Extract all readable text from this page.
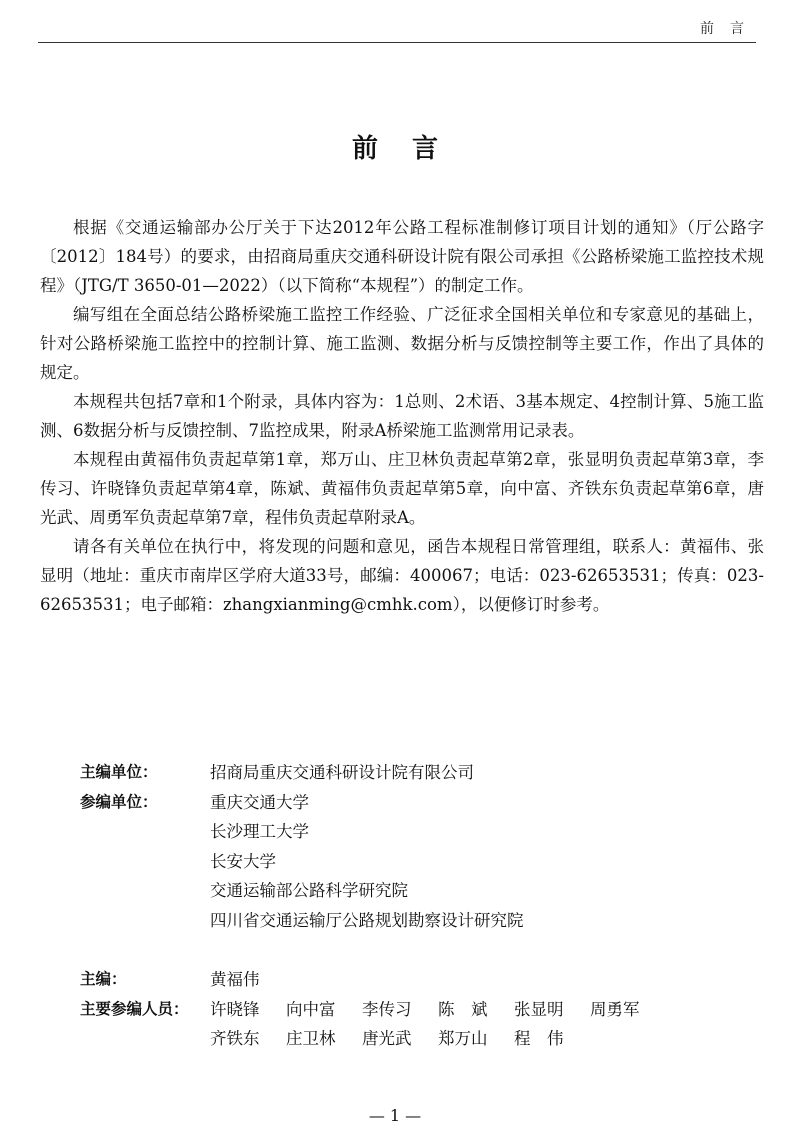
前言
前言

根据《交通运输部办公厅关于下达2012年公路工程标准制修订项目计划的通知》（厅公路字〔2012〕184号）的要求，由招商局重庆交通科研设计院有限公司承担《公路桥梁施工监控技术规程》（JTG/T 3650-01—2022）（以下简称“本规程”）的制定工作。

编写组在全面总结公路桥梁施工监控工作经验、广泛征求全国相关单位和专家意见的基础上，针对公路桥梁施工监控中的控制计算、施工监测、数据分析与反馈控制等主要工作，作出了具体的规定。

本规程共包括7章和1个附录，具体内容为：1总则、2术语、3基本规定、4控制计算、5施工监测、6数据分析与反馈控制、7监控成果，附录A桥梁施工监测常用记录表。

本规程由黄福伟负责起草第1章，郑万山、庄卫林负责起草第2章，张显明负责起草第3章，李传习、许晓锋负责起草第4章，陈斌、黄福伟负责起草第5章，向中富、齐铁东负责起草第6章，唐光武、周勇军负责起草第7章，程伟负责起草附录A。

请各有关单位在执行中，将发现的问题和意见，函告本规程日常管理组，联系人：黄福伟、张显明（地址：重庆市南岸区学府大道33号，邮编：400067；电话：023-62653531；传真：023-62653531；电子邮箱：zhangxianming@cmhk.com），以便修订时参考。

主编单位：	招商局重庆交通科研设计院有限公司
参编单位：	重庆交通大学
长沙理工大学
长安大学
交通运输部公路科学研究院
四川省交通运输厅公路规划勘察设计研究院
主编：	黄福伟
主要参编人员：	许晓锋	向中富	李传习	陈　斌	张显明	周勇军
齐铁东	庄卫林	唐光武	郑万山	程　伟
— 1 —
